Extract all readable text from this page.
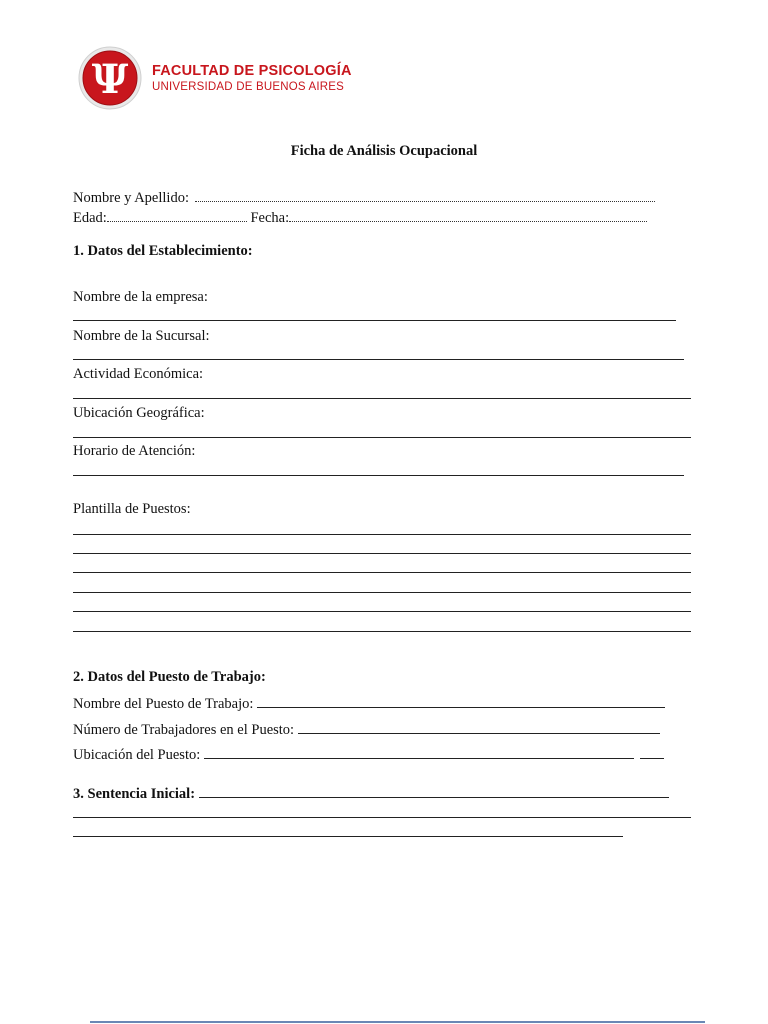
Ψ FACULTAD DE PSICOLOGÍA
UNIVERSIDAD DE BUENOS AIRES
Ficha de Análisis Ocupacional
Nombre y Apellido:
Edad:	Fecha:
1. Datos del Establecimiento:
Nombre de la empresa:
Nombre de la Sucursal:
Actividad Económica:
Ubicación Geográfica:
Horario de Atención:
Plantilla de Puestos:
2. Datos del Puesto de Trabajo:
Nombre del Puesto de Trabajo:
Número de Trabajadores en el Puesto:
Ubicación del Puesto:
3. Sentencia Inicial:
